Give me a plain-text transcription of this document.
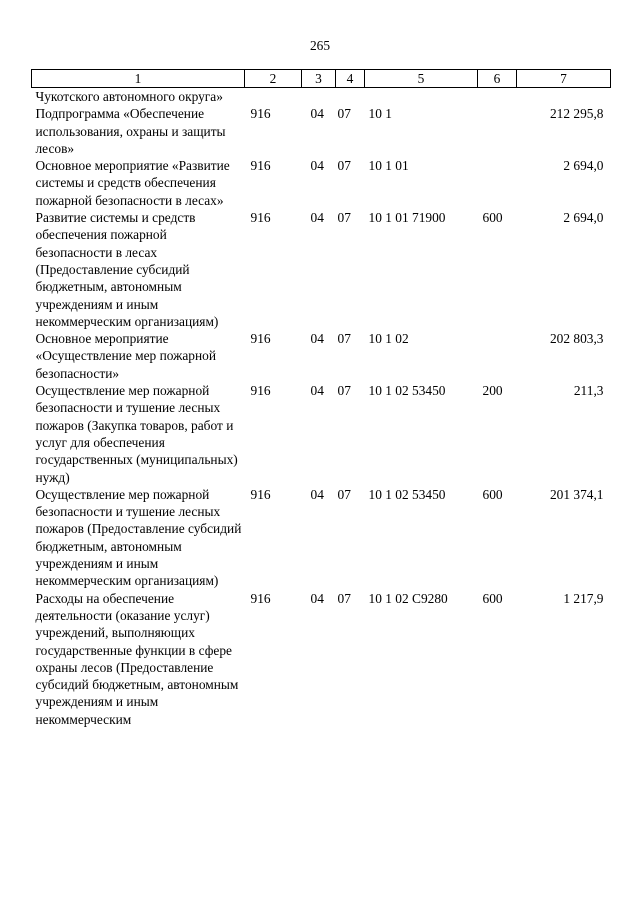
265
1	2	3	4	5	6	7
Чукотского автономного округа»						
Подпрограмма «Обеспечение использования, охраны и защиты лесов»	916	04	07	10 1		212 295,8
Основное мероприятие «Развитие системы и средств обеспечения пожарной безопасности в лесах»	916	04	07	10 1 01		2 694,0
Развитие системы и средств обеспечения пожарной безопасности в лесах (Предоставление субсидий бюджетным, автономным учреждениям и иным некоммерческим организациям)	916	04	07	10 1 01 71900	600	2 694,0
Основное мероприятие «Осуществление мер пожарной безопасности»	916	04	07	10 1 02		202 803,3
Осуществление мер пожарной безопасности и тушение лесных пожаров (Закупка товаров, работ и услуг для обеспечения государственных (муниципальных) нужд)	916	04	07	10 1 02 53450	200	211,3
Осуществление мер пожарной безопасности и тушение лесных пожаров (Предоставление субсидий бюджетным, автономным учреждениям и иным некоммерческим организациям)	916	04	07	10 1 02 53450	600	201 374,1
Расходы на обеспечение деятельности (оказание услуг) учреждений, выполняющих государственные функции в сфере охраны лесов (Предоставление субсидий бюджетным, автономным учреждениям и иным некоммерческим	916	04	07	10 1 02 С9280	600	1 217,9
